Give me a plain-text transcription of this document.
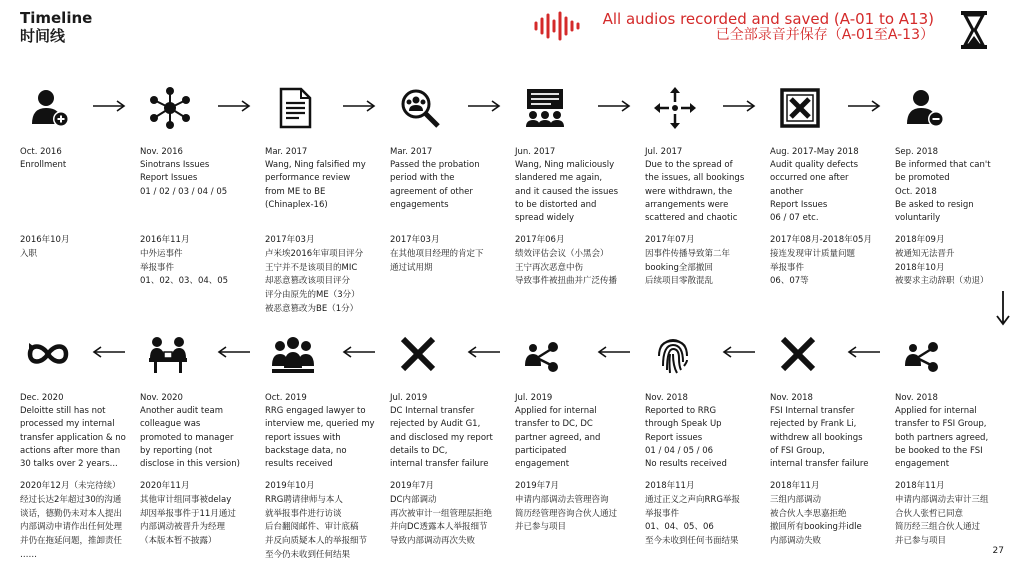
Timeline
时间线
All audios recorded and saved (A-01 to A13)
已全部录音并保存（A-01至A-13）
Oct. 2016
Enrollment
2016年10月
入职
Nov. 2016
Sinotrans Issues
Report Issues
01 / 02 / 03 / 04 / 05
2016年11月
中外运事件
举报事件
01、02、03、04、05
Mar. 2017
Wang, Ning falsified my
performance review
from ME to BE
(Chinaplex-16)
2017年03月
卢米埃2016年审项目评分
王宁并不是该项目的MIC
却恶意篡改该项目评分
评分由原先的ME（3分）
被恶意篡改为BE（1分）
Mar. 2017
Passed the probation
period with the
agreement of other
engagements
2017年03月
在其他项目经理的肯定下
通过试用期
Jun. 2017
Wang, Ning maliciously
slandered me again,
and it caused the issues
to be distorted and
spread widely
2017年06月
绩效评估会议（小黑会）
王宁再次恶意中伤
导致事件被扭曲并广泛传播
Jul. 2017
Due to the spread of
the issues, all bookings
were withdrawn, the
arrangements were
scattered and chaotic
2017年07月
因事件传播导致第二年
booking全部撤回
后续项目零散混乱
Aug. 2017-May 2018
Audit quality defects
occurred one after
another
Report Issues
06 / 07 etc.
2017年08月-2018年05月
接连发现审计质量问题
举报事件
06、07等
Sep. 2018
Be informed that can't
be promoted
Oct. 2018
Be asked to resign
voluntarily
2018年09月
被通知无法晋升
2018年10月
被要求主动辞职（劝退）
Dec. 2020
Deloitte still has not
processed my internal
transfer application & no
actions after more than
30 talks over 2 years...
2020年12月（未完待续）
经过长达2年超过30的沟通
谈话，德勤仍未对本人提出
内部调动申请作出任何处理
并仍在拖延问题，推卸责任
……
Nov. 2020
Another audit team
colleague was
promoted to manager
by reporting (not
disclose in this version)
2020年11月
其他审计组同事被delay
却因举报事件于11月通过
内部调动被晋升为经理
（本版本暂不披露）
Oct. 2019
RRG engaged lawyer to
interview me, queried my
report issues with
backstage data, no
results received
2019年10月
RRG聘请律师与本人
就举报事件进行访谈
后台翻阅邮件、审计底稿
并反向质疑本人的举报细节
至今仍未收到任何结果
Jul. 2019
DC Internal transfer
rejected by Audit G1,
and disclosed my report
details to DC,
internal transfer failure
2019年7月
DC内部调动
再次被审计一组管理层拒绝
并向DC透露本人举报细节
导致内部调动再次失败
Jul. 2019
Applied for internal
transfer to DC, DC
partner agreed, and
participated
engagement
2019年7月
申请内部调动去管理咨询
简历经管理咨询合伙人通过
并已参与项目
Nov. 2018
Reported to RRG
through Speak Up
Report issues
01 / 04 / 05 / 06
No results received
2018年11月
通过正义之声向RRG举报
举报事件
01、04、05、06
至今未收到任何书面结果
Nov. 2018
FSI Internal transfer
rejected by Frank Li,
withdrew all bookings
of FSI Group,
internal transfer failure
2018年11月
三组内部调动
被合伙人李思嘉拒绝
撤回所有booking并idle
内部调动失败
Nov. 2018
Applied for internal
transfer to FSI Group,
both partners agreed,
be booked to the FSI
engagement
2018年11月
申请内部调动去审计三组
合伙人张哲已同意
简历经三组合伙人通过
并已参与项目
27
